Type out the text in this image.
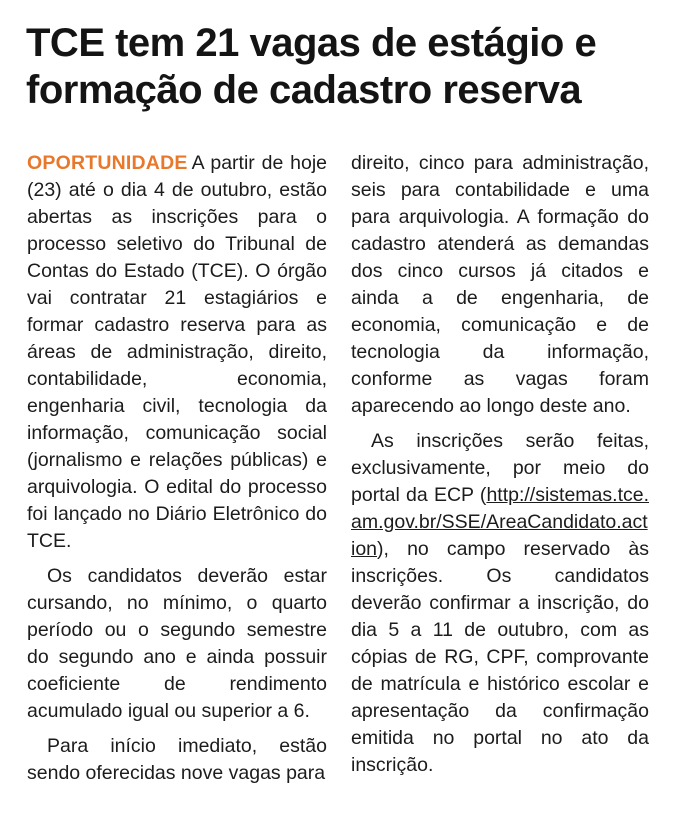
TCE tem 21 vagas de estágio e formação de cadastro reserva

OPORTUNIDADE A partir de hoje (23) até o dia 4 de outubro, estão abertas as inscrições para o processo seletivo do Tribunal de Contas do Estado (TCE). O órgão vai contratar 21 estagiários e formar cadastro reserva para as áreas de administração, direito, contabilidade, economia, engenharia civil, tecnologia da informação, comunicação social (jornalismo e relações públicas) e arquivologia. O edital do processo foi lançado no Diário Eletrônico do TCE.

Os candidatos deverão estar cursando, no mínimo, o quarto período ou o segundo semestre do segundo ano e ainda possuir coeficiente de rendimento acumulado igual ou superior a 6.

Para início imediato, estão sendo oferecidas nove vagas para

direito, cinco para administração, seis para contabilidade e uma para arquivologia. A formação do cadastro atenderá as demandas dos cinco cursos já citados e ainda a de engenharia, de economia, comunicação e de tecnologia da informação, conforme as vagas foram aparecendo ao longo deste ano.

As inscrições serão feitas, exclusivamente, por meio do portal da ECP (http://sistemas.tce.am.gov.br/SSE/AreaCandidato.action), no campo reservado às inscrições. Os candidatos deverão confirmar a inscrição, do dia 5 a 11 de outubro, com as cópias de RG, CPF, comprovante de matrícula e histórico escolar e apresentação da confirmação emitida no portal no ato da inscrição.
